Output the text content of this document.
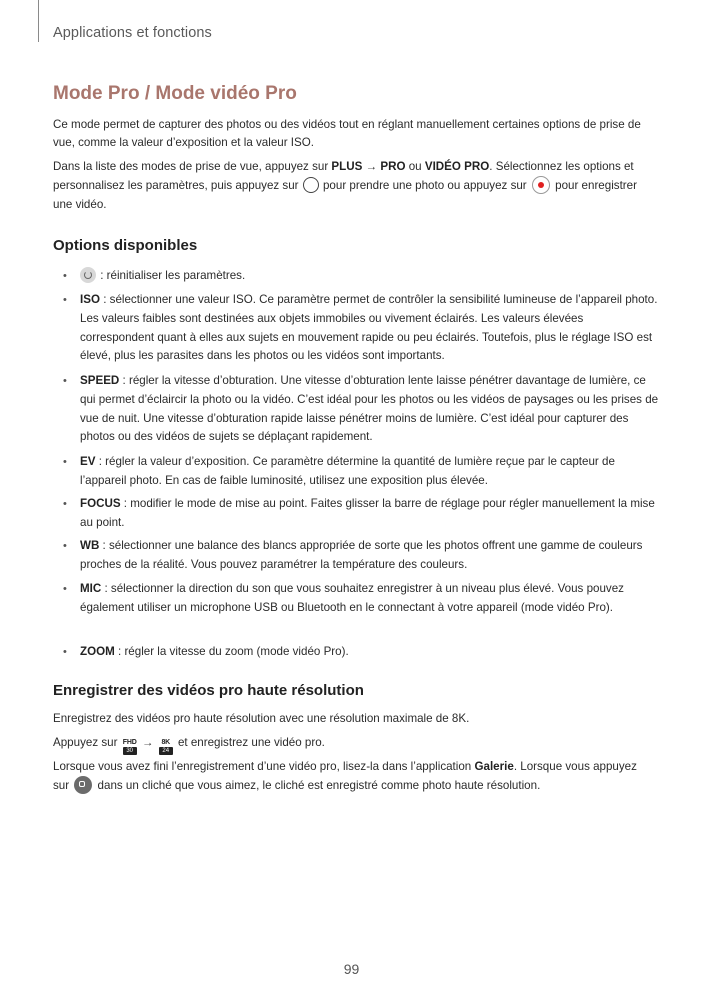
Applications et fonctions
Mode Pro / Mode vidéo Pro

Ce mode permet de capturer des photos ou des vidéos tout en réglant manuellement certaines options de prise de vue, comme la valeur d’exposition et la valeur ISO.

Dans la liste des modes de prise de vue, appuyez sur PLUS → PRO ou VIDÉO PRO. Sélectionnez les options et personnalisez les paramètres, puis appuyez sur  pour prendre une photo ou appuyez sur  pour enregistrer une vidéo.

Options disponibles

•	: réinitialiser les paramètres.

• ISO : sélectionner une valeur ISO. Ce paramètre permet de contrôler la sensibilité lumineuse de l’appareil photo. Les valeurs faibles sont destinées aux objets immobiles ou vivement éclairés. Les valeurs élevées correspondent quant à elles aux sujets en mouvement rapide ou peu éclairés. Toutefois, plus le réglage ISO est élevé, plus les parasites dans les photos ou les vidéos sont importants.

• SPEED : régler la vitesse d’obturation. Une vitesse d’obturation lente laisse pénétrer davantage de lumière, ce qui permet d’éclaircir la photo ou la vidéo. C’est idéal pour les photos ou les vidéos de paysages ou les prises de vue de nuit. Une vitesse d’obturation rapide laisse pénétrer moins de lumière. C’est idéal pour capturer des photos ou des vidéos de sujets se déplaçant rapidement.

• EV : régler la valeur d’exposition. Ce paramètre détermine la quantité de lumière reçue par le capteur de l’appareil photo. En cas de faible luminosité, utilisez une exposition plus élevée.

• FOCUS : modifier le mode de mise au point. Faites glisser la barre de réglage pour régler manuellement la mise au point.

• WB : sélectionner une balance des blancs appropriée de sorte que les photos offrent une gamme de couleurs proches de la réalité. Vous pouvez paramétrer la température des couleurs.

• MIC : sélectionner la direction du son que vous souhaitez enregistrer à un niveau plus élevé. Vous pouvez également utiliser un microphone USB ou Bluetooth en le connectant à votre appareil (mode vidéo Pro).

• ZOOM : régler la vitesse du zoom (mode vidéo Pro).

Enregistrer des vidéos pro haute résolution

Enregistrez des vidéos pro haute résolution avec une résolution maximale de 8K.

Appuyez sur FHD
30
→ 8K
24
et enregistrez une vidéo pro.

Lorsque vous avez fini l’enregistrement d’une vidéo pro, lisez-la dans l’application Galerie. Lorsque vous appuyez sur  dans un cliché que vous aimez, le cliché est enregistré comme photo haute résolution.

99
